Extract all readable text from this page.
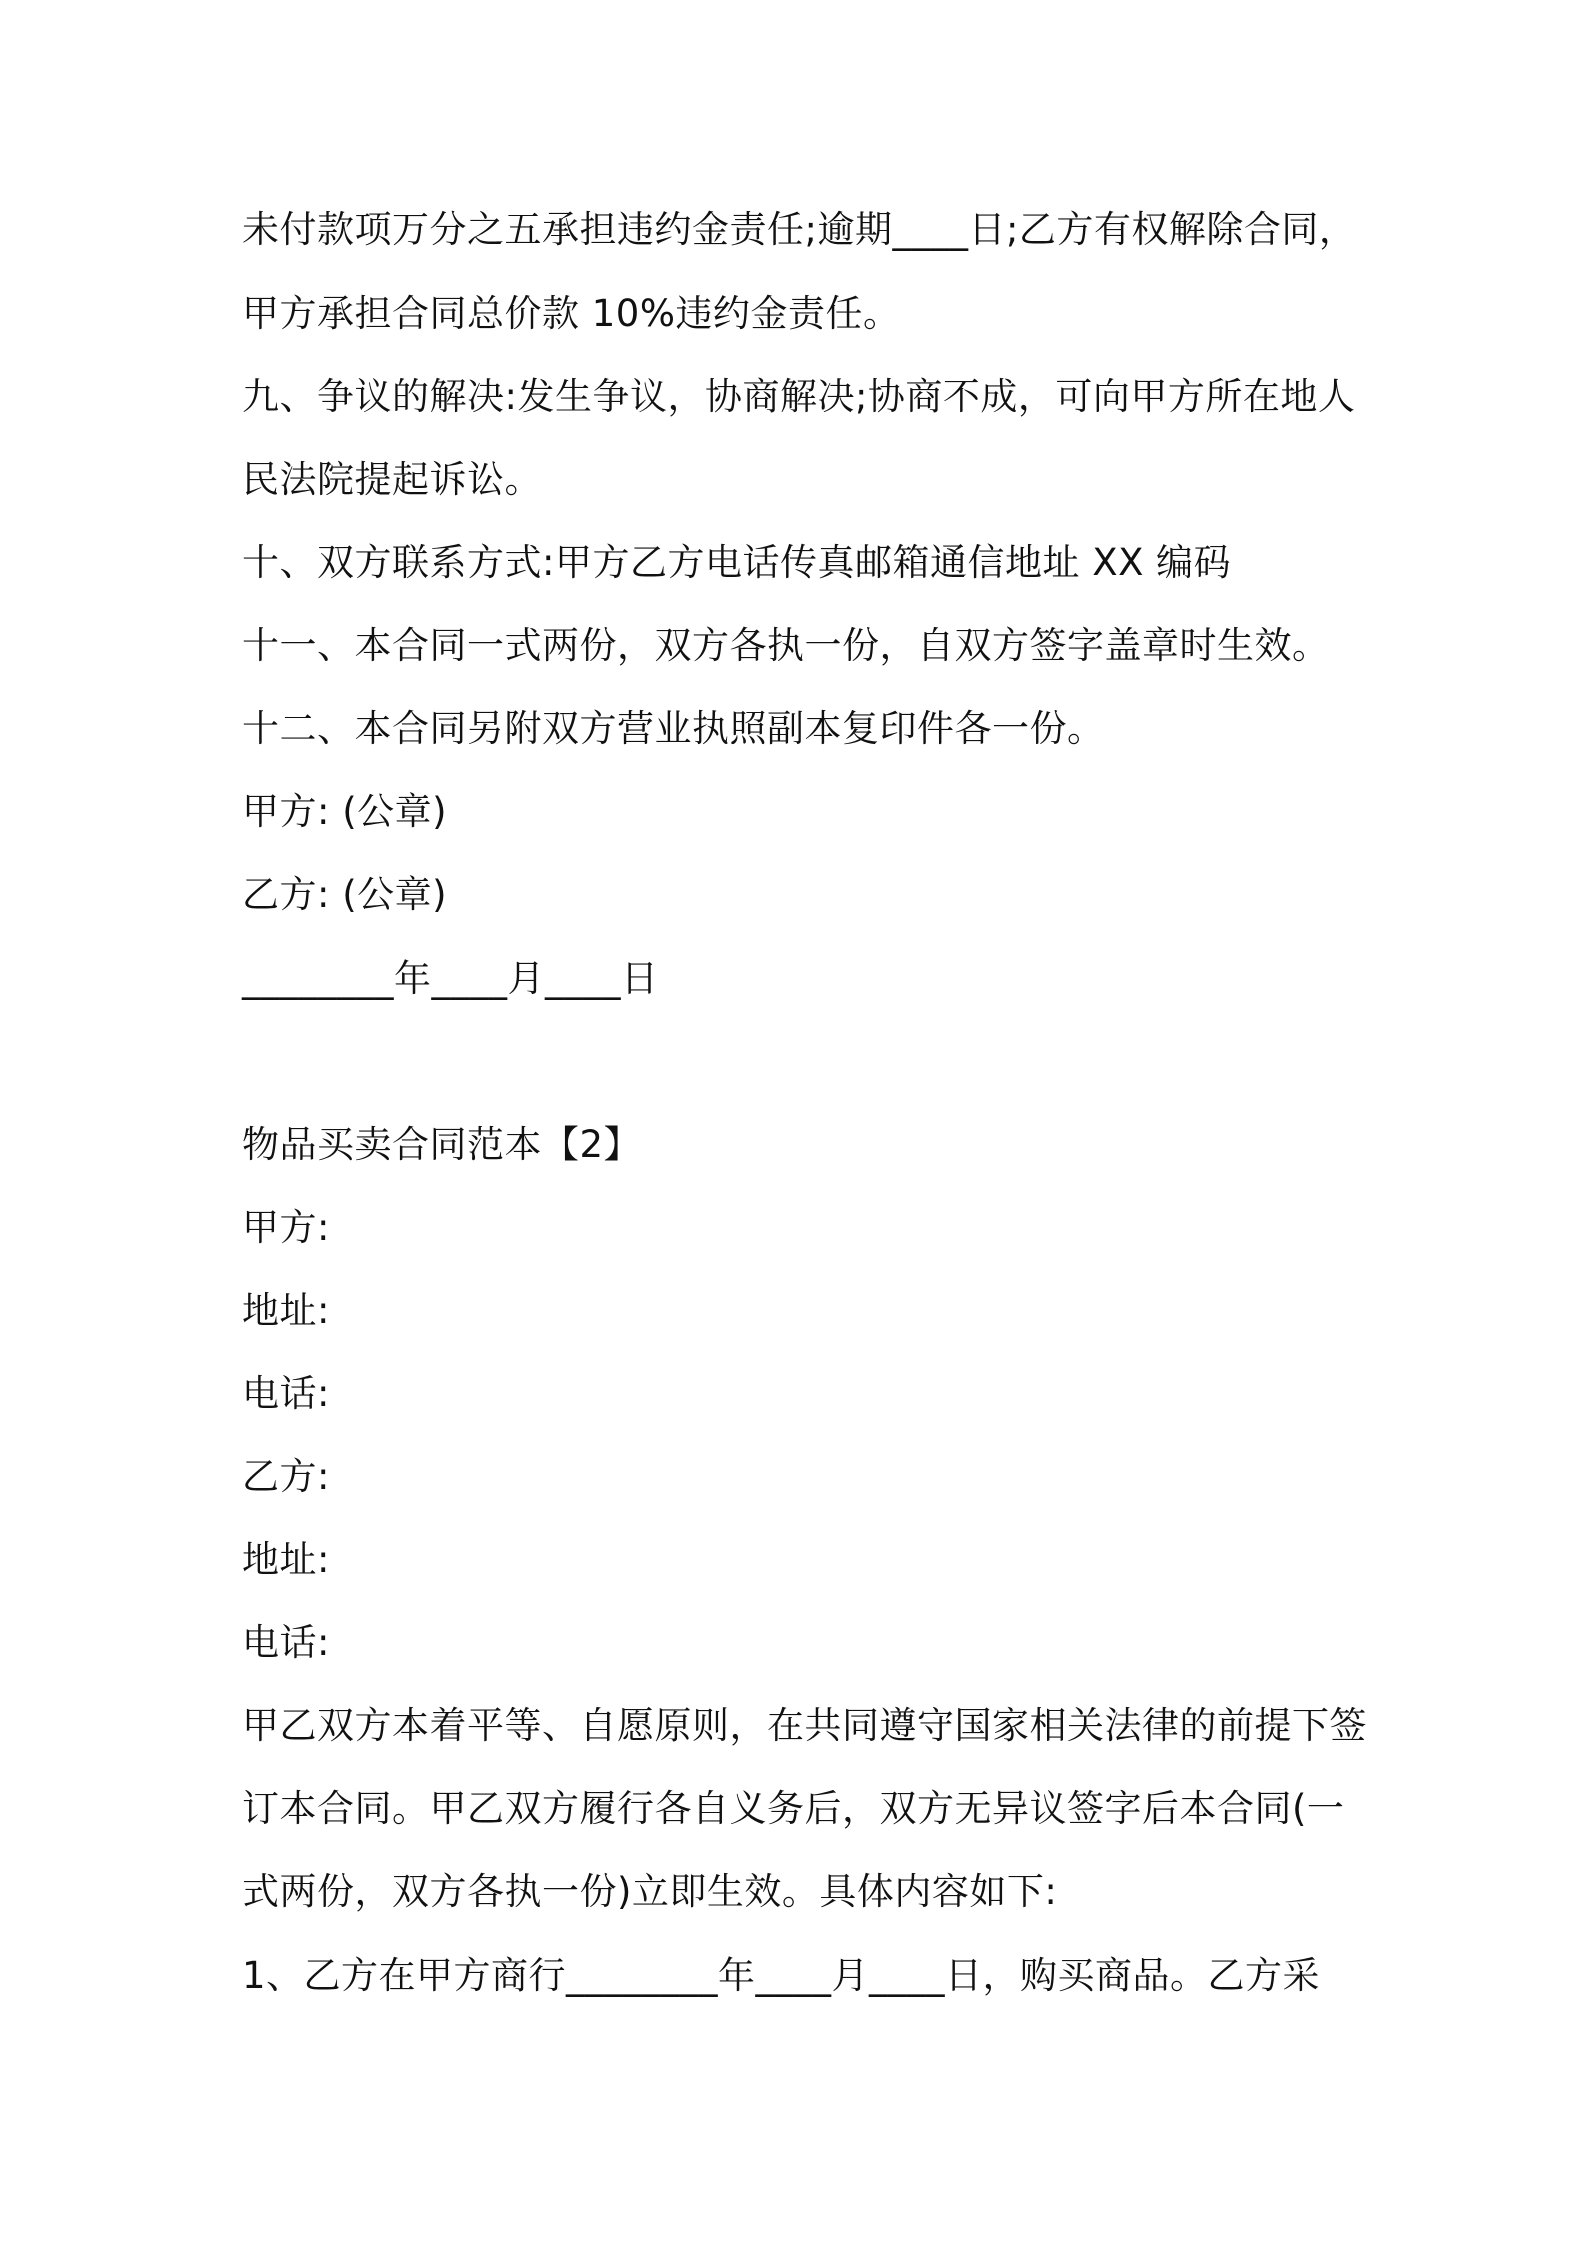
未付款项万分之五承担违约金责任;逾期____日;乙方有权解除合同，
甲方承担合同总价款 10%违约金责任。
九、争议的解决:发生争议，协商解决;协商不成，可向甲方所在地人
民法院提起诉讼。
十、双方联系方式:甲方乙方电话传真邮箱通信地址 XX 编码
十一、本合同一式两份，双方各执一份，自双方签字盖章时生效。
十二、本合同另附双方营业执照副本复印件各一份。
甲方: (公章)
乙方: (公章)
________年____月____日
物品买卖合同范本【2】
甲方:
地址:
电话:
乙方:
地址:
电话:
甲乙双方本着平等、自愿原则，在共同遵守国家相关法律的前提下签
订本合同。甲乙双方履行各自义务后，双方无异议签字后本合同(一
式两份，双方各执一份)立即生效。具体内容如下:
1、乙方在甲方商行________年____月____日，购买商品。乙方采
